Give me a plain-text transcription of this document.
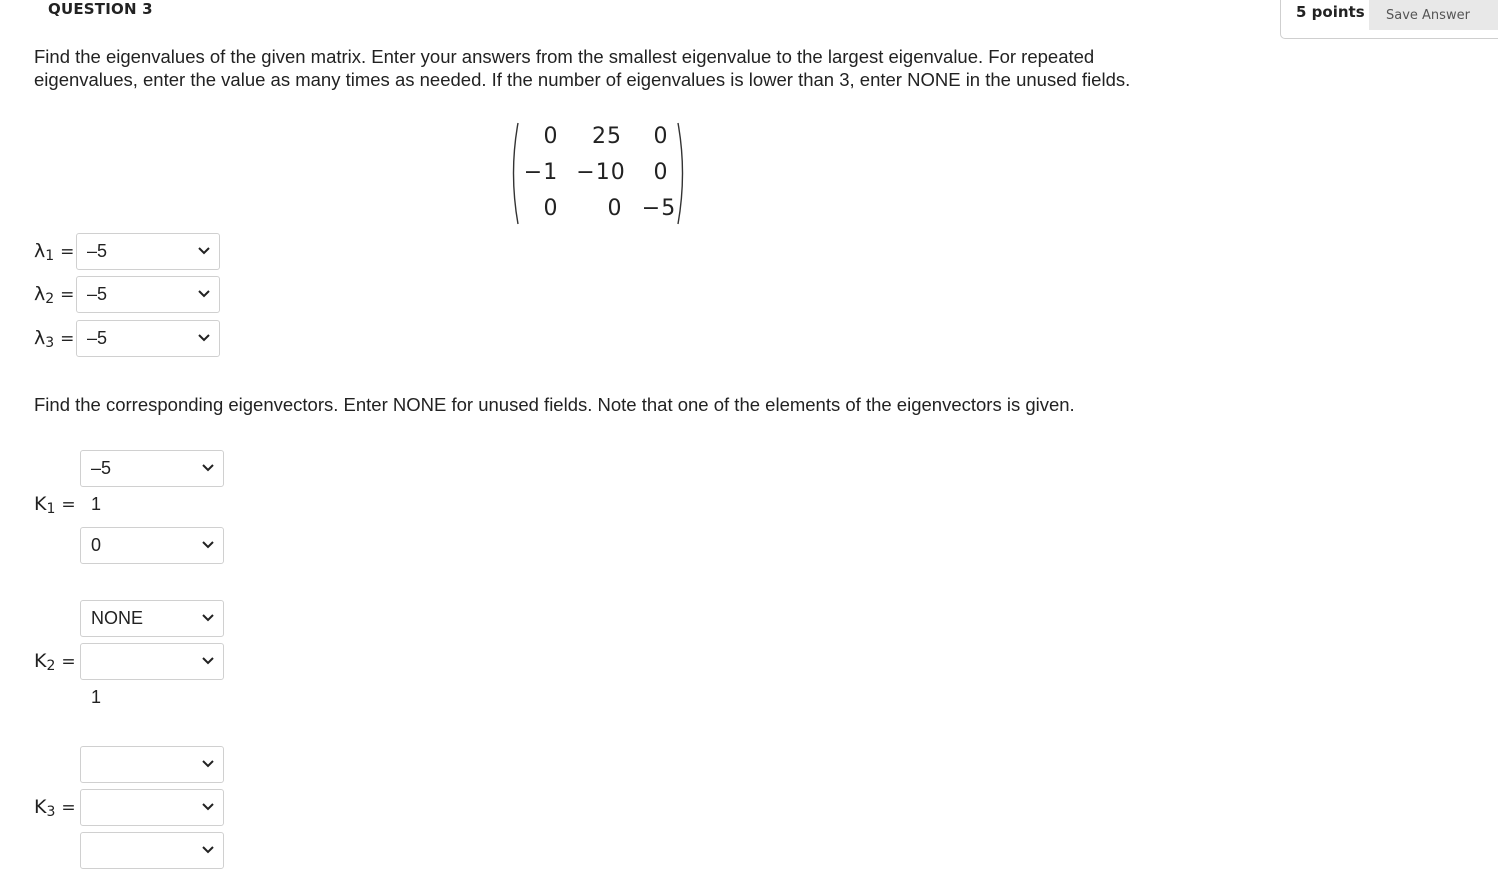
QUESTION 3	5 points	Save Answer
Find the eigenvalues of the given matrix. Enter your answers from the smallest eigenvalue to the largest eigenvalue. For repeated eigenvalues, enter the value as many times as needed. If the number of eigenvalues is lower than 3, enter NONE in the unused fields.
0	25	0
−1 −10	0
0	0 −5
$\lambda_1 = -5$
$\lambda_2 = -5$
$\lambda_3 = -5$
Find the corresponding eigenvectors. Enter NONE for unused fields. Note that one of the elements of the eigenvectors is given.
–5
$K_1 = 1$
0
NONE
$K_2$ =
1
$K_3$ =
